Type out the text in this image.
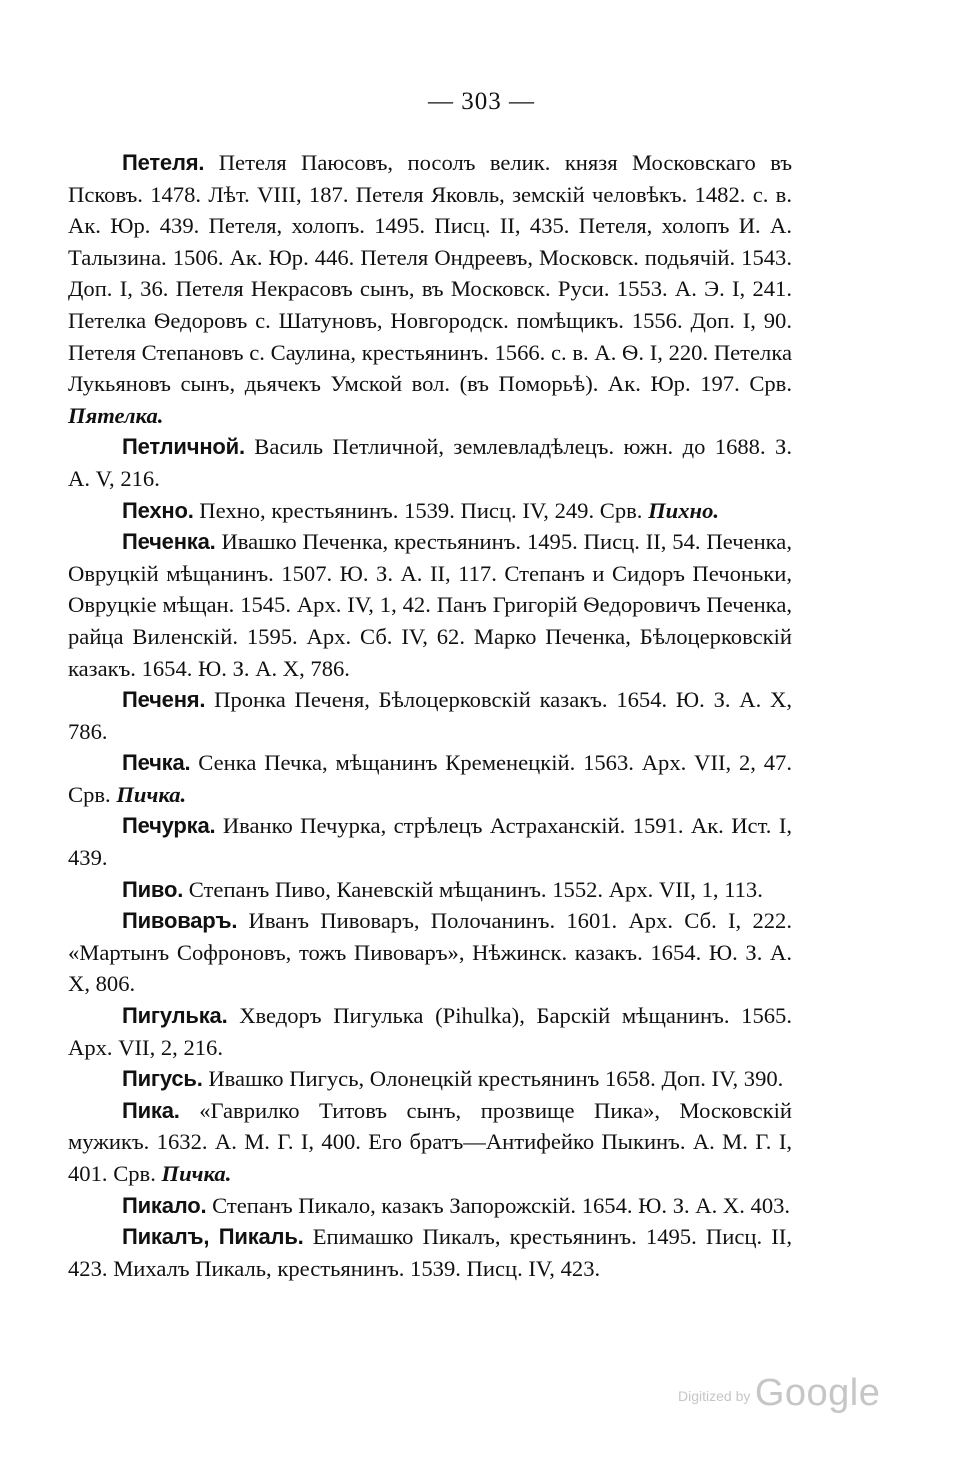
— 303 —

Петеля. Петеля Паюсовъ, посолъ велик. князя Московскаго въ Псковъ. 1478. Лѣт. VIII, 187. Петеля Яковль, земскій человѣкъ. 1482. с. в. Ак. Юр. 439. Петеля, холопъ. 1495. Писц. II, 435. Петеля, холопъ И. А. Талызина. 1506. Ак. Юр. 446. Петеля Ондреевъ, Московск. подьячій. 1543. Доп. I, 36. Петеля Некрасовъ сынъ, въ Московск. Руси. 1553. А. Э. I, 241. Петелка Ѳедоровъ с. Шатуновъ, Новгородск. помѣщикъ. 1556. Доп. I, 90. Петеля Степановъ с. Саулина, крестьянинъ. 1566. с. в. А. Ѳ. I, 220. Петелка Лукьяновъ сынъ, дьячекъ Умской вол. (въ Поморьѣ). Ак. Юр. 197. Срв. Пятелка.

Петличной. Василь Петличной, землевладѣлецъ. южн. до 1688. З. А. V, 216.

Пехно. Пехно, крестьянинъ. 1539. Писц. IV, 249. Срв. Пихно.

Печенка. Ивашко Печенка, крестьянинъ. 1495. Писц. II, 54. Печенка, Овруцкій мѣщанинъ. 1507. Ю. З. А. II, 117. Степанъ и Сидоръ Печоньки, Овруцкіе мѣщан. 1545. Арх. IV, 1, 42. Панъ Григорій Ѳедоровичъ Печенка, райца Виленскій. 1595. Арх. Сб. IV, 62. Марко Печенка, Бѣлоцерковскій казакъ. 1654. Ю. З. А. X, 786.

Печеня. Пронка Печеня, Бѣлоцерковскій казакъ. 1654. Ю. З. А. X, 786.

Печка. Сенка Печка, мѣщанинъ Кременецкій. 1563. Арх. VII, 2, 47. Срв. Пичка.

Печурка. Иванко Печурка, стрѣлецъ Астраханскій. 1591. Ак. Ист. I, 439.

Пиво. Степанъ Пиво, Каневскій мѣщанинъ. 1552. Арх. VII, 1, 113.

Пивоваръ. Иванъ Пивоваръ, Полочанинъ. 1601. Арх. Сб. I, 222. «Мартынъ Софроновъ, тожъ Пивоваръ», Нѣжинск. казакъ. 1654. Ю. З. А. X, 806.

Пигулька. Хведоръ Пигулька (Pihulka), Барскій мѣщанинъ. 1565. Арх. VII, 2, 216.

Пигусь. Ивашко Пигусь, Олонецкій крестьянинъ 1658. Доп. IV, 390.

Пика. «Гаврилко Титовъ сынъ, прозвище Пика», Московскій мужикъ. 1632. А. М. Г. I, 400. Его братъ—Антифейко Пыкинъ. А. М. Г. I, 401. Срв. Пичка.

Пикало. Степанъ Пикало, казакъ Запорожскій. 1654. Ю. З. А. X. 403.

Пикалъ, Пикаль. Епимашко Пикалъ, крестьянинъ. 1495. Писц. II, 423. Михалъ Пикаль, крестьянинъ. 1539. Писц. IV, 423.

Digitized by Google
